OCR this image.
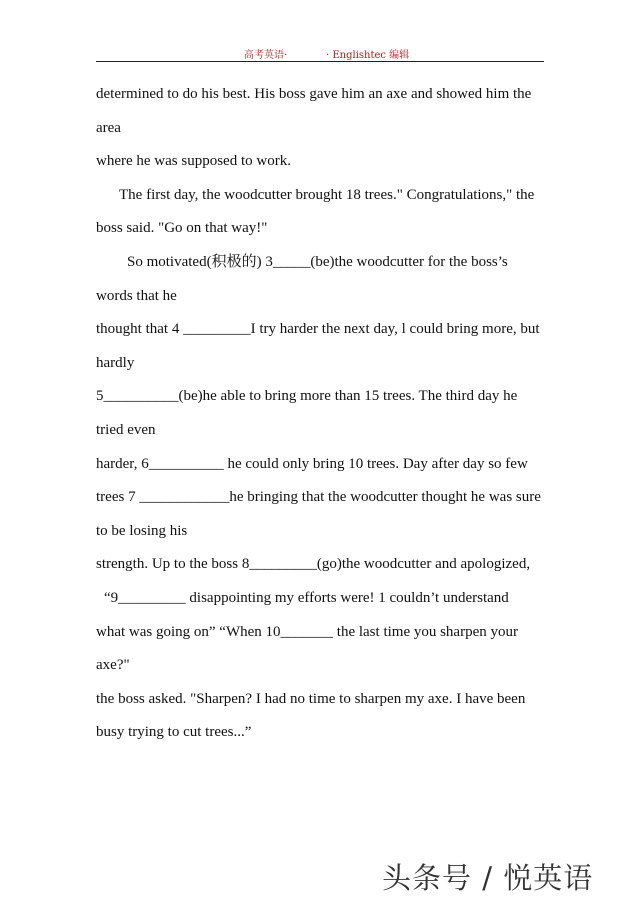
高考英语·	· Englishtec 编辑
determined to do his best. His boss gave him an axe and showed him the
area
where he was supposed to work.
The first day, the woodcutter brought 18 trees." Congratulations," the
boss said. "Go on that way!"
So motivated(积极的) 3_____(be)the woodcutter for the boss’s
words that he
thought that 4 _________I try harder the next day, l could bring more, but
hardly
5__________(be)he able to bring more than 15 trees. The third day he
tried even
harder, 6__________ he could only bring 10 trees. Day after day so few
trees 7 ____________he bringing that the woodcutter thought he was sure
to be losing his
strength. Up to the boss 8_________(go)the woodcutter and apologized,
“9_________ disappointing my efforts were! 1 couldn’t understand
what was going on” “When 10_______ the last time you sharpen your
axe?"
the boss asked. "Sharpen? I had no time to sharpen my axe. I have been
busy trying to cut trees...”
头条号 / 悦英语
